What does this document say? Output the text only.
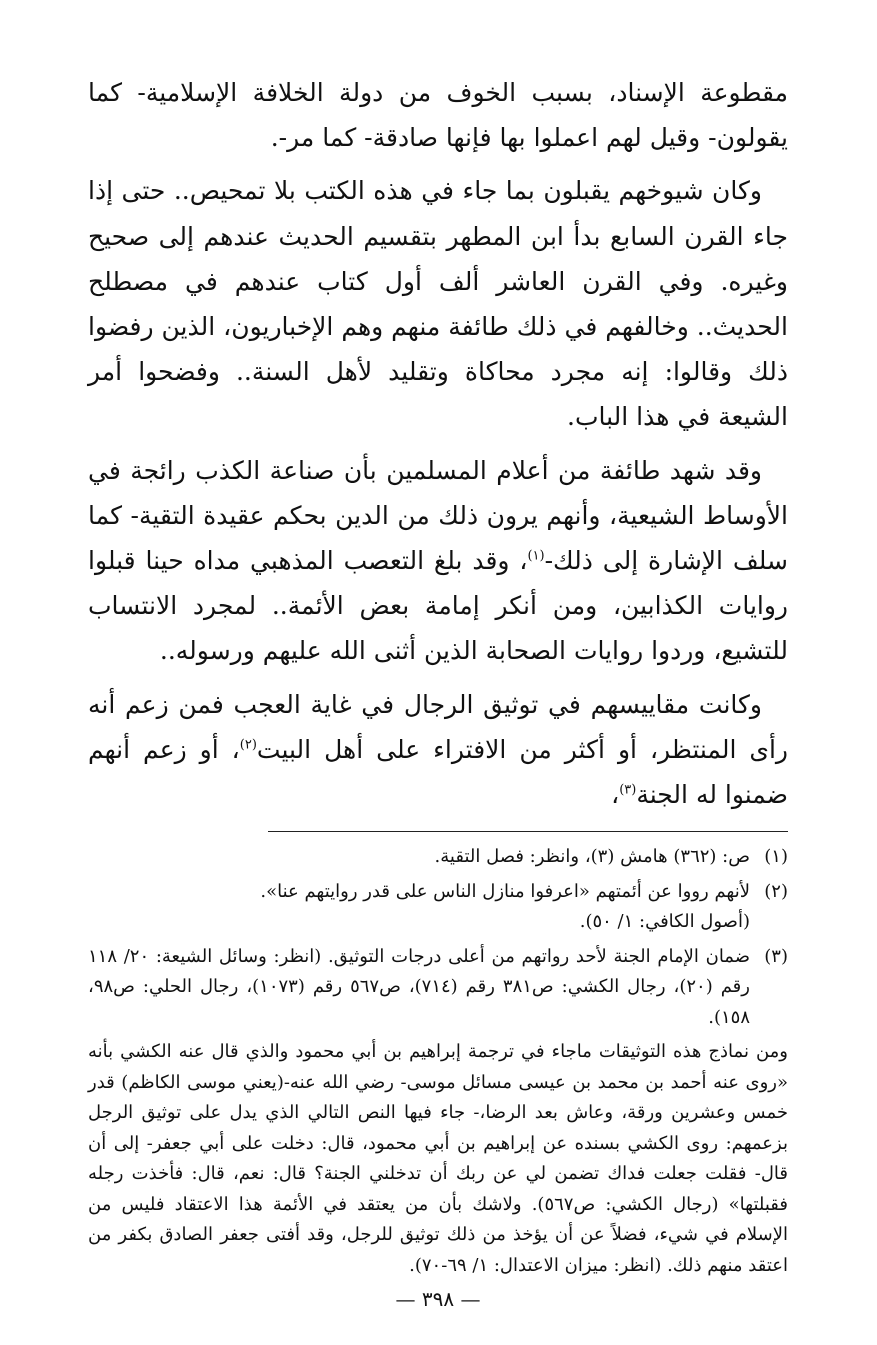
مقطوعة الإسناد، بسبب الخوف من دولة الخلافة الإسلامية- كما يقولون- وقيل لهم اعملوا بها فإنها صادقة- كما مر-.

وكان شيوخهم يقبلون بما جاء في هذه الكتب بلا تمحيص.. حتى إذا جاء القرن السابع بدأ ابن المطهر بتقسيم الحديث عندهم إلى صحيح وغيره. وفي القرن العاشر ألف أول كتاب عندهم في مصطلح الحديث.. وخالفهم في ذلك طائفة منهم وهم الإخباريون، الذين رفضوا ذلك وقالوا: إنه مجرد محاكاة وتقليد لأهل السنة.. وفضحوا أمر الشيعة في هذا الباب.

وقد شهد طائفة من أعلام المسلمين بأن صناعة الكذب رائجة في الأوساط الشيعية، وأنهم يرون ذلك من الدين بحكم عقيدة التقية- كما سلف الإشارة إلى ذلك-$^{(١)}$، وقد بلغ التعصب المذهبي مداه حينا قبلوا روايات الكذابين، ومن أنكر إمامة بعض الأئمة.. لمجرد الانتساب للتشيع، وردوا روايات الصحابة الذين أثنى الله عليهم ورسوله..

وكانت مقاييسهم في توثيق الرجال في غاية العجب فمن زعم أنه رأى المنتظر، أو أكثر من الافتراء على أهل البيت$^{(٢)}$، أو زعم أنهم ضمنوا له الجنة$^{(٣)}$،

(١)
ص: (٣٦٢) هامش (٣)، وانظر: فصل التقية.
(٢)
لأنهم رووا عن أئمتهم «اعرفوا منازل الناس على قدر روايتهم عنا».
(أصول الكافي: ١/ ٥٠).
(٣)
ضمان الإمام الجنة لأحد رواتهم من أعلى درجات التوثيق. (انظر: وسائل الشيعة: ٢٠/ ١١٨ رقم (٢٠)، رجال الكشي: ص٣٨١ رقم (٧١٤)، ص٥٦٧ رقم (١٠٧٣)، رجال الحلي: ص٩٨، ١٥٨).

ومن نماذج هذه التوثيقات ماجاء في ترجمة إبراهيم بن أبي محمود والذي قال عنه الكشي بأنه «روى عنه أحمد بن محمد بن عيسى مسائل موسى- رضي الله عنه-(يعني موسى الكاظم) قدر خمس وعشرين ورقة، وعاش بعد الرضا،- جاء فيها النص التالي الذي يدل على توثيق الرجل بزعمهم: روى الكشي بسنده عن إبراهيم بن أبي محمود، قال: دخلت على أبي جعفر- إلى أن قال- فقلت جعلت فداك تضمن لي عن ربك أن تدخلني الجنة؟ قال: نعم، قال: فأخذت رجله فقبلتها» (رجال الكشي: ص٥٦٧). ولاشك بأن من يعتقد في الأئمة هذا الاعتقاد فليس من الإسلام في شيء، فضلاً عن أن يؤخذ من ذلك توثيق للرجل، وقد أفتى جعفر الصادق بكفر من اعتقد منهم ذلك. (انظر: ميزان الاعتدال: ١/ ٦٩-٧٠).

— ٣٩٨ —
